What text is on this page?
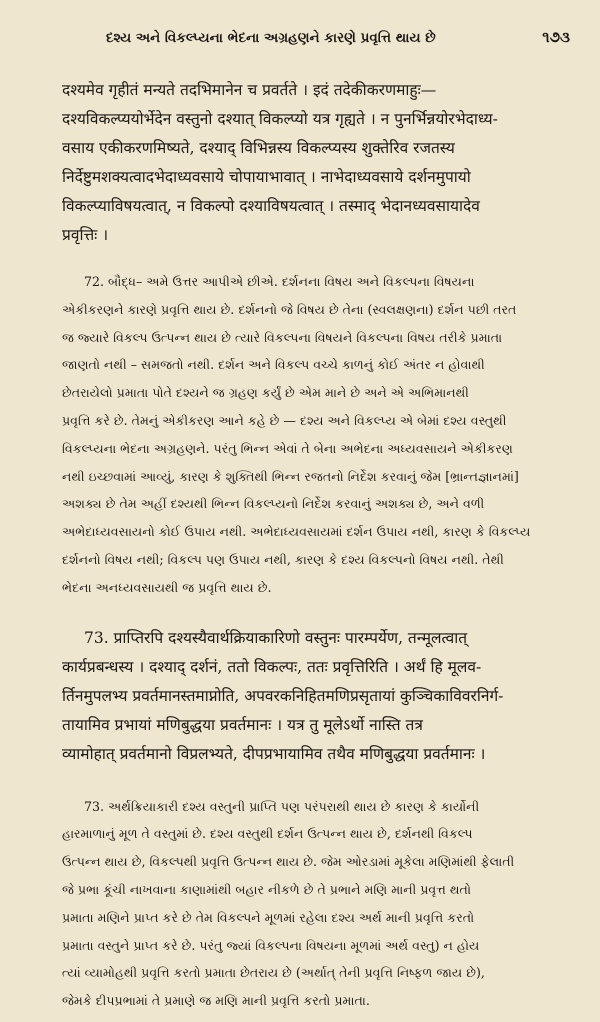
દશ્ય અને વિકલ્પ્યના ભેદના અગ્રહણને કારણે પ્રવૃત્તિ થાય છે	૧૭૩

दश्यमेव गृहीतं मन्यते तदभिमानेन च प्रवर्तते । इदं तदेकीकरणमाहुः—
दश्यविकल्प्ययोर्भेदेन वस्तुनो दश्यात् विकल्प्यो यत्र गृह्यते । न पुनर्भिन्नयोरभेदाध्य-
वसाय एकीकरणमिष्यते, दश्याद् विभिन्नस्य विकल्प्यस्य शुक्तेरिव रजतस्य
निर्देष्टुमशक्यत्वादभेदाध्यवसाये चोपायाभावात् । नाभेदाध्यवसाये दर्शनमुपायो
विकल्प्याविषयत्वात्, न विकल्पो दश्याविषयत्वात् । तस्माद् भेदानध्यवसायादेव
प्रवृत्तिः ।

72. બૌદ્ધ– અમે ઉત્તર આપીએ છીએ. દર્શનના વિષય અને વિકલ્પના વિષયના
એકીકરણને કારણે પ્રવૃત્તિ થાય છે. દર્શનનો જે વિષય છે તેના (સ્વલક્ષણના) દર્શન પછી તરત
જ જ્યારે વિકલ્પ ઉત્પન્ન થાય છે ત્યારે વિકલ્પના વિષયને વિકલ્પના વિષય તરીકે પ્રમાતા
જાણતો નથી – સમજતો નથી. દર્શન અને વિકલ્પ વચ્ચે કાળનું કોઈ અંતર ન હોવાથી
છેતરાયેલો પ્રમાતા પોતે દશ્યને જ ગ્રહણ કર્યું છે એમ માને છે અને એ અભિમાનથી
પ્રવૃત્તિ કરે છે. તેમનું એકીકરણ આને કહે છે — દશ્ય અને વિકલ્પ્ય એ બેમાં દશ્ય વસ્તુથી
વિકલ્પ્યના ભેદના અગ્રહણને. પરંતુ ભિન્ન એવાં તે બેના અભેદના અધ્યવસાયને એકીકરણ
નથી ઇચ્છવામાં આવ્યું, કારણ કે શુક્તિથી ભિન્ન રજતનો નિર્દેશ કરવાનું જેમ [ભ્રાન્તજ્ઞાનમાં]
અશક્ય છે તેમ અહીં દશ્યથી ભિન્ન વિકલ્પ્યનો નિર્દેશ કરવાનું અશક્ય છે, અને વળી
અભેદાધ્યવસાયનો કોઈ ઉપાય નથી. અભેદાધ્યવસાયમાં દર્શન ઉપાય નથી, કારણ કે વિકલ્પ્ય
દર્શનનો વિષય નથી; વિકલ્પ પણ ઉપાય નથી, કારણ કે દશ્ય વિકલ્પનો વિષય નથી. તેથી
ભેદના અનધ્યવસાયથી જ પ્રવૃત્તિ થાય છે.

73. प्राप्तिरपि दश्यस्यैवार्थक्रियाकारिणो वस्तुनः पारम्पर्येण, तन्मूलत्वात्
कार्यप्रबन्धस्य । दश्याद् दर्शनं, ततो विकल्पः, ततः प्रवृत्तिरिति । अर्थं हि मूलव-
र्तिनमुपलभ्य प्रवर्तमानस्तमाप्नोति, अपवरकनिहितमणिप्रसृतायां कुञ्चिकाविवरनिर्ग-
तायामिव प्रभायां मणिबुद्धया प्रवर्तमानः । यत्र तु मूलेऽर्थो नास्ति तत्र
व्यामोहात् प्रवर्तमानो विप्रलभ्यते, दीपप्रभायामिव तथैव मणिबुद्धया प्रवर्तमानः ।

73. અર્થક્રિયાકારી દશ્ય વસ્તુની પ્રાપ્તિ પણ પરંપરાથી થાય છે કારણ કે કાર્યોની
હારમાળાનું મૂળ તે વસ્તુમાં છે. દશ્ય વસ્તુથી દર્શન ઉત્પન્ન થાય છે, દર્શનથી વિકલ્પ
ઉત્પન્ન થાય છે, વિકલ્પથી પ્રવૃત્તિ ઉત્પન્ન થાય છે. જેમ ઓરડામાં મૂકેલા મણિમાંથી ફેલાતી
જે પ્રભા કૂંચી નાખવાના કાણામાંથી બહાર નીકળે છે તે પ્રભાને મણિ માની પ્રવૃત્ત થતો
પ્રમાતા મણિને પ્રાપ્ત કરે છે તેમ વિકલ્પને મૂળમાં રહેલા દશ્ય અર્થ માની પ્રવૃત્તિ કરતો
પ્રમાતા વસ્તુને પ્રાપ્ત કરે છે. પરંતુ જ્યાં વિકલ્પના વિષયના મૂળમાં અર્થ વસ્તુ) ન હોય
ત્યાં વ્યામોહથી પ્રવૃત્તિ કરતો પ્રમાતા છેતરાય છે (અર્થાત્ તેની પ્રવૃત્તિ નિષ્ફળ જાય છે),
જેમકે દીપપ્રભામાં તે પ્રમાણે જ મણિ માની પ્રવૃત્તિ કરતો પ્રમાતા.
